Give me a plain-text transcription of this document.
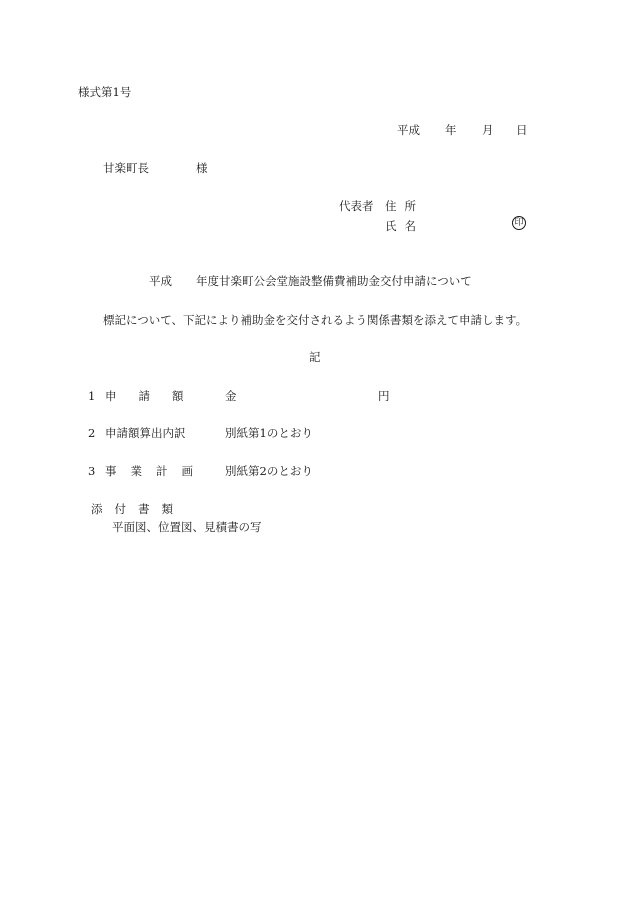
様式第1号
平成 年 月 日
甘楽町長	様
代表者 住所
氏名	印
平成 年度甘楽町公会堂施設整備費補助金交付申請について
標記について、下記により補助金を交付されるよう関係書類を添えて申請します。
記
1 申請額 金	円
2 申請額算出内訳	別紙第1のとおり
3 事業計画 別紙第2のとおり
添付書類
平面図、位置図、見積書の写
